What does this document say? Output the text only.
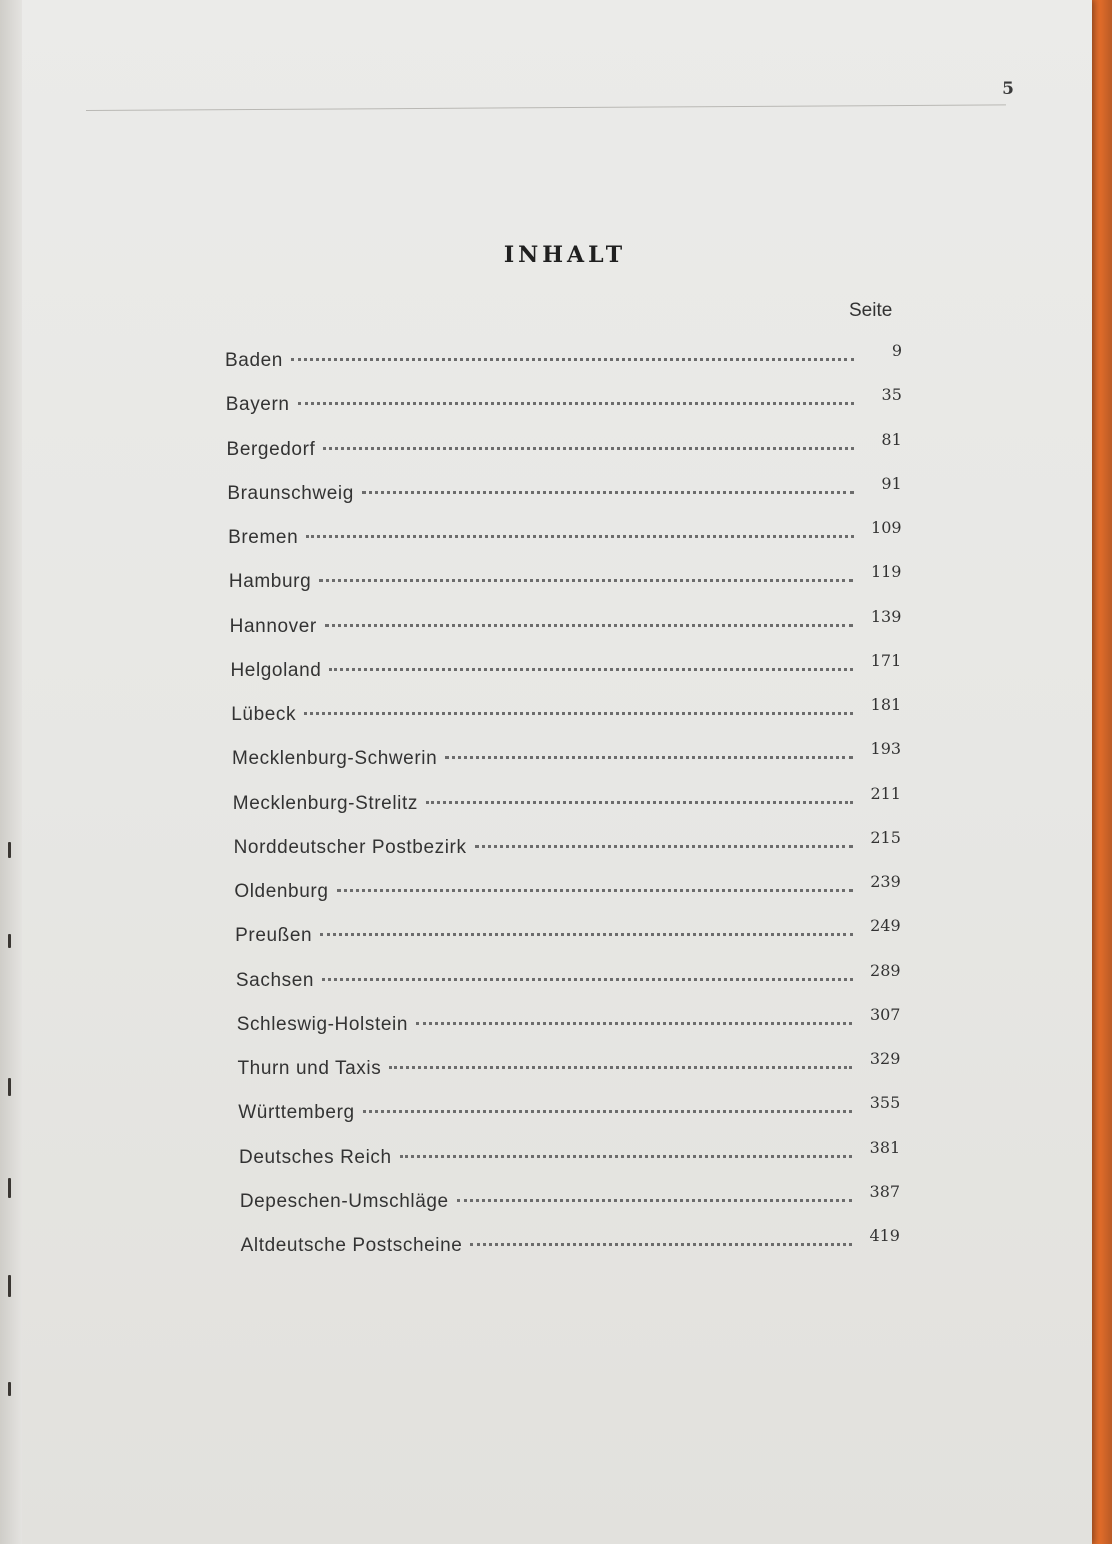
5
INHALT
Seite
Baden	9
Bayern	35
Bergedorf	81
Braunschweig	91
Bremen	109
Hamburg	119
Hannover	139
Helgoland	171
Lübeck	181
Mecklenburg-Schwerin	193
Mecklenburg-Strelitz	211
Norddeutscher Postbezirk	215
Oldenburg	239
Preußen	249
Sachsen	289
Schleswig-Holstein	307
Thurn und Taxis	329
Württemberg	355
Deutsches Reich	381
Depeschen-Umschläge	387
Altdeutsche Postscheine	419
